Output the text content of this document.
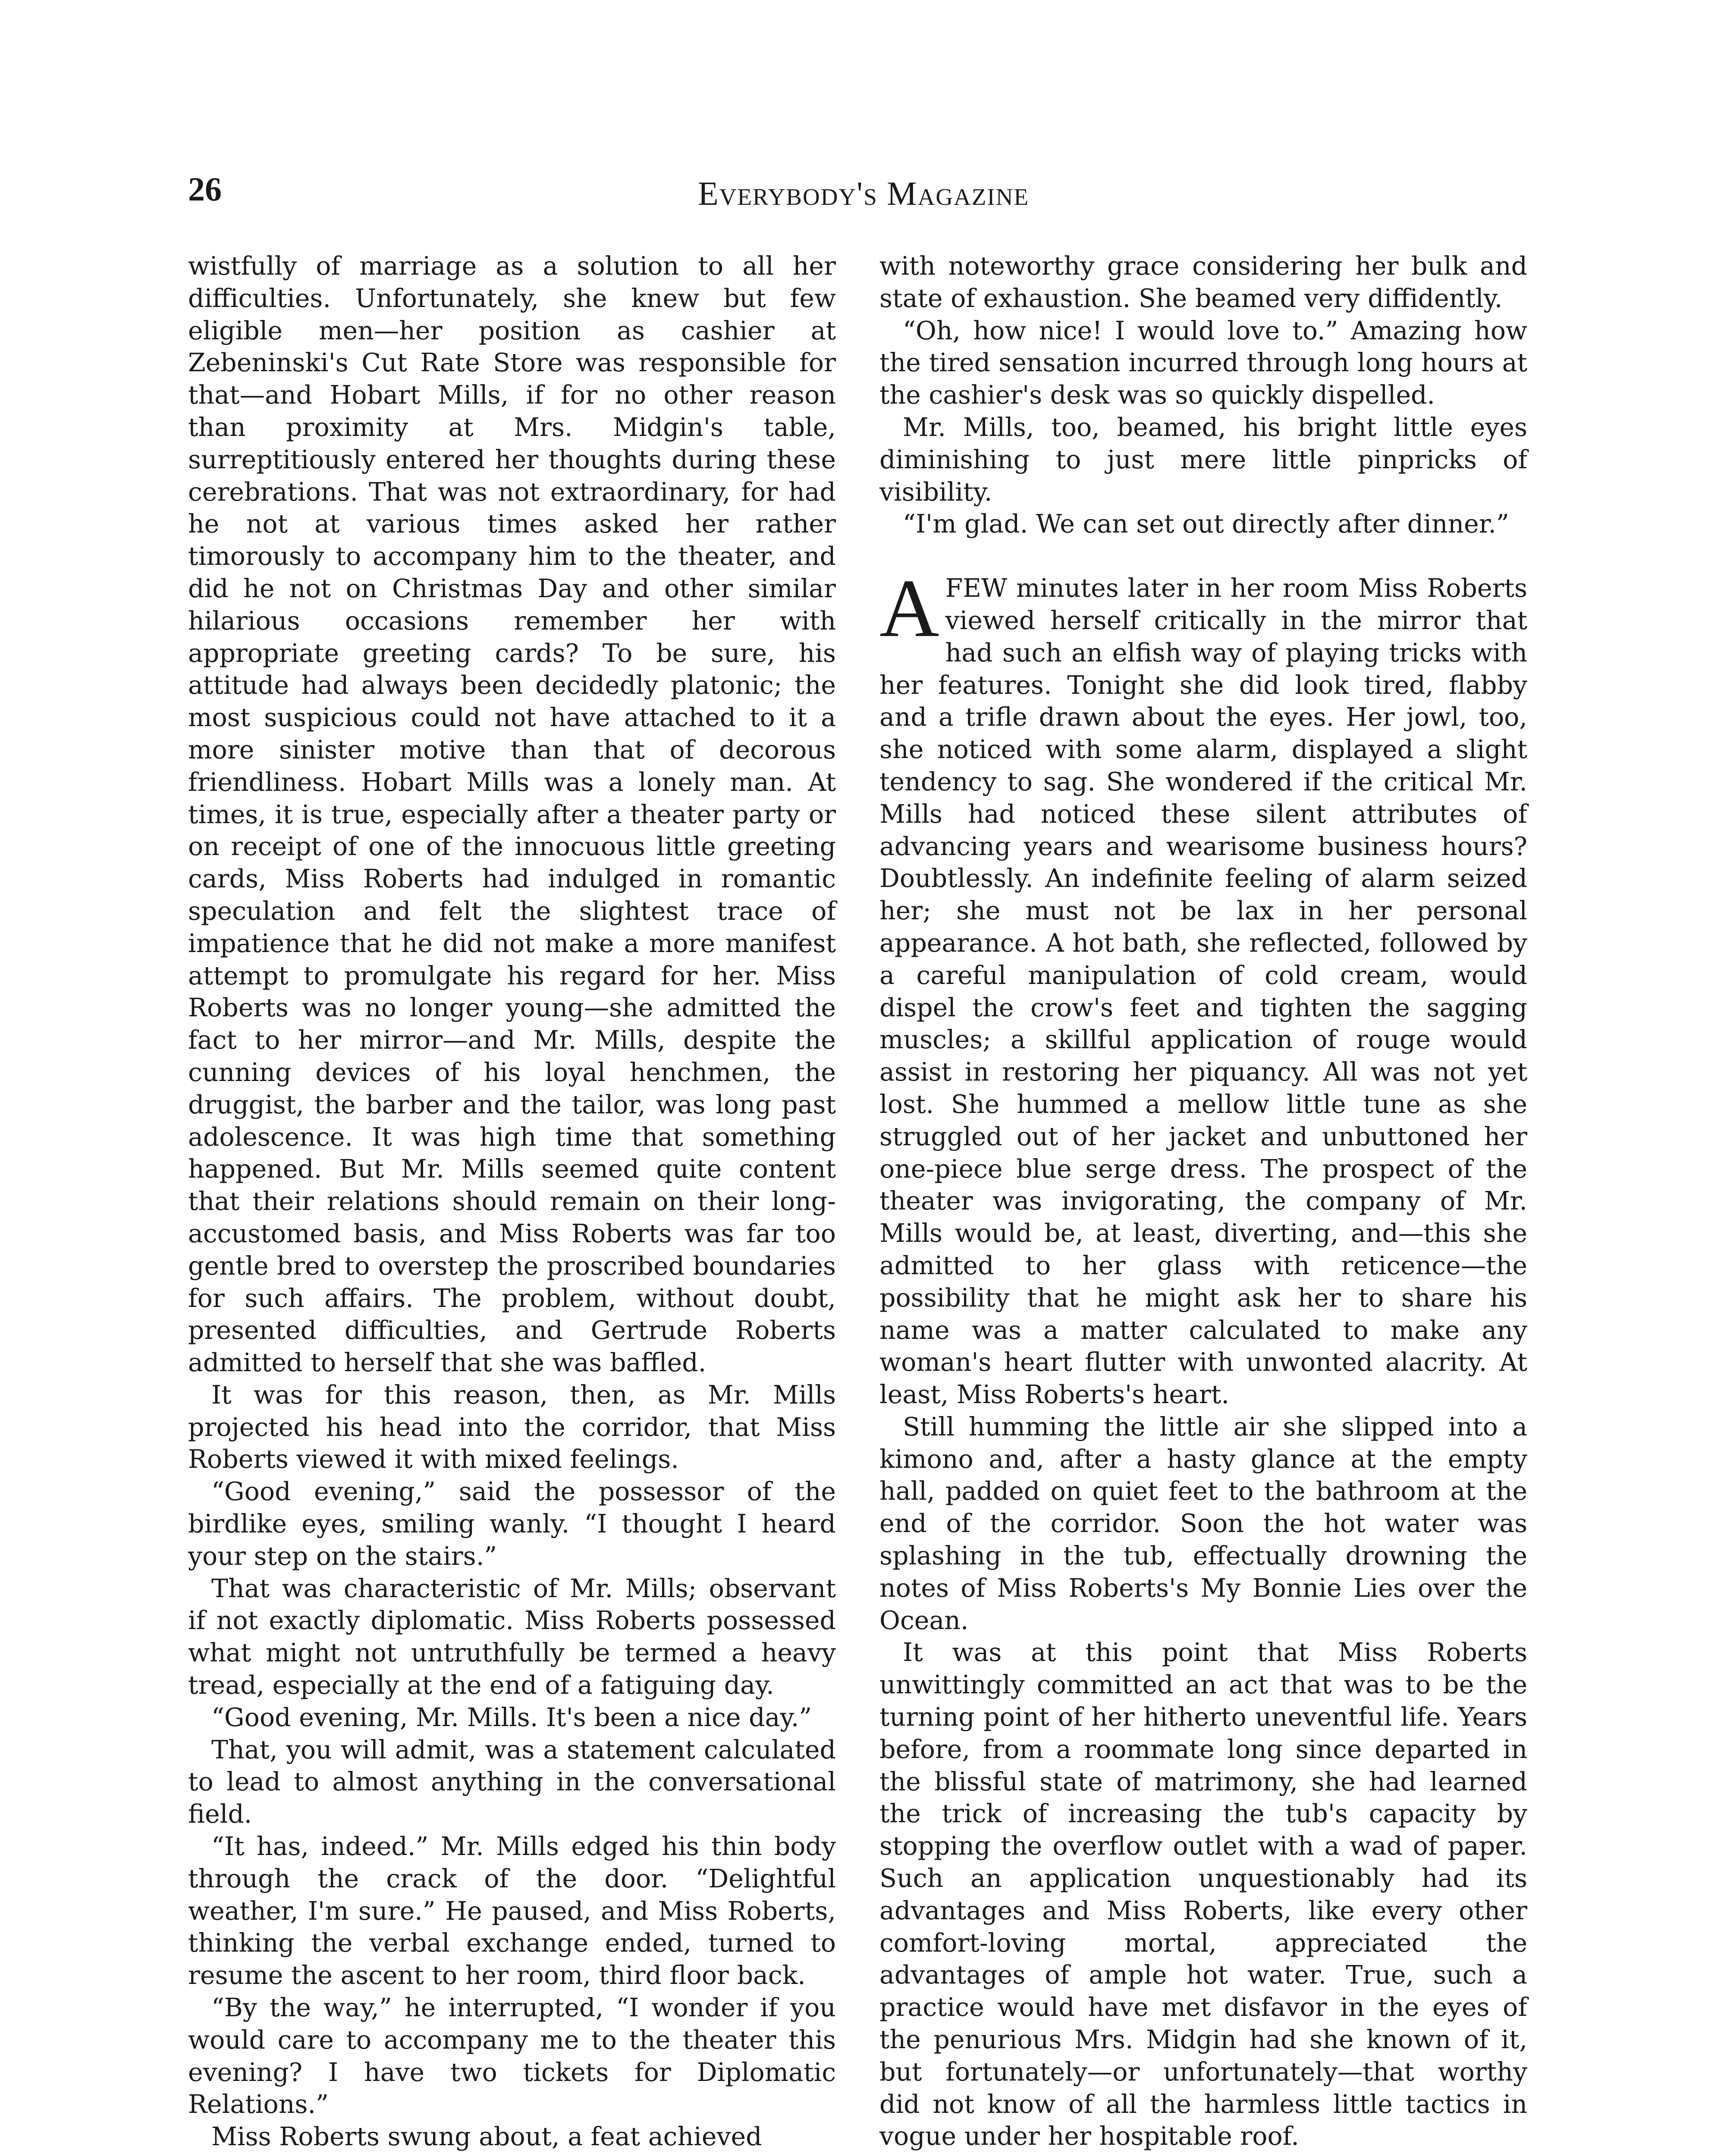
26	Everybody's Magazine

wistfully of marriage as a solution to all her difficulties. Unfortunately, she knew but few eligible men—her position as cashier at Zebeninski's Cut Rate Store was responsible for that—and Hobart Mills, if for no other reason than proximity at Mrs. Midgin's table, surreptitiously entered her thoughts during these cerebrations. That was not extraordinary, for had he not at various times asked her rather timorously to accompany him to the theater, and did he not on Christmas Day and other similar hilarious occasions remember her with appropriate greeting cards? To be sure, his attitude had always been decidedly platonic; the most suspicious could not have attached to it a more sinister motive than that of decorous friendliness. Hobart Mills was a lonely man. At times, it is true, especially after a theater party or on receipt of one of the innocuous little greeting cards, Miss Roberts had indulged in romantic speculation and felt the slightest trace of impatience that he did not make a more manifest attempt to promulgate his regard for her. Miss Roberts was no longer young—she admitted the fact to her mirror—and Mr. Mills, despite the cunning devices of his loyal henchmen, the druggist, the barber and the tailor, was long past adolescence. It was high time that something happened. But Mr. Mills seemed quite content that their relations should remain on their long-accustomed basis, and Miss Roberts was far too gentle bred to overstep the proscribed boundaries for such affairs. The problem, without doubt, presented difficulties, and Gertrude Roberts admitted to herself that she was baffled.

It was for this reason, then, as Mr. Mills projected his head into the corridor, that Miss Roberts viewed it with mixed feelings.

“Good evening,” said the possessor of the birdlike eyes, smiling wanly. “I thought I heard your step on the stairs.”

That was characteristic of Mr. Mills; observant if not exactly diplomatic. Miss Roberts possessed what might not untruthfully be termed a heavy tread, especially at the end of a fatiguing day.

“Good evening, Mr. Mills. It's been a nice day.”

That, you will admit, was a statement calculated to lead to almost anything in the conversational field.

“It has, indeed.” Mr. Mills edged his thin body through the crack of the door. “Delightful weather, I'm sure.” He paused, and Miss Roberts, thinking the verbal exchange ended, turned to resume the ascent to her room, third floor back.

“By the way,” he interrupted, “I wonder if you would care to accompany me to the theater this evening? I have two tickets for Diplomatic Relations.”

Miss Roberts swung about, a feat achieved

with noteworthy grace considering her bulk and state of exhaustion. She beamed very diffidently.

“Oh, how nice! I would love to.” Amazing how the tired sensation incurred through long hours at the cashier's desk was so quickly dispelled.

Mr. Mills, too, beamed, his bright little eyes diminishing to just mere little pinpricks of visibility.

“I'm glad. We can set out directly after dinner.”

AFEW minutes later in her room Miss Roberts viewed herself critically in the mirror that had such an elfish way of playing tricks with her features. Tonight she did look tired, flabby and a trifle drawn about the eyes. Her jowl, too, she noticed with some alarm, displayed a slight tendency to sag. She wondered if the critical Mr. Mills had noticed these silent attributes of advancing years and wearisome business hours? Doubtlessly. An indefinite feeling of alarm seized her; she must not be lax in her personal appearance. A hot bath, she reflected, followed by a careful manipulation of cold cream, would dispel the crow's feet and tighten the sagging muscles; a skillful application of rouge would assist in restoring her piquancy. All was not yet lost. She hummed a mellow little tune as she struggled out of her jacket and unbuttoned her one-piece blue serge dress. The prospect of the theater was invigorating, the company of Mr. Mills would be, at least, diverting, and—this she admitted to her glass with reticence—the possibility that he might ask her to share his name was a matter calculated to make any woman's heart flutter with unwonted alacrity. At least, Miss Roberts's heart.

Still humming the little air she slipped into a kimono and, after a hasty glance at the empty hall, padded on quiet feet to the bathroom at the end of the corridor. Soon the hot water was splashing in the tub, effectually drowning the notes of Miss Roberts's My Bonnie Lies over the Ocean.

It was at this point that Miss Roberts unwittingly committed an act that was to be the turning point of her hitherto uneventful life. Years before, from a roommate long since departed in the blissful state of matrimony, she had learned the trick of increasing the tub's capacity by stopping the overflow outlet with a wad of paper. Such an application unquestionably had its advantages and Miss Roberts, like every other comfort-loving mortal, appreciated the advantages of ample hot water. True, such a practice would have met disfavor in the eyes of the penurious Mrs. Midgin had she known of it, but fortunately—or unfortunately—that worthy did not know of all the harmless little tactics in vogue under her hospitable roof.
